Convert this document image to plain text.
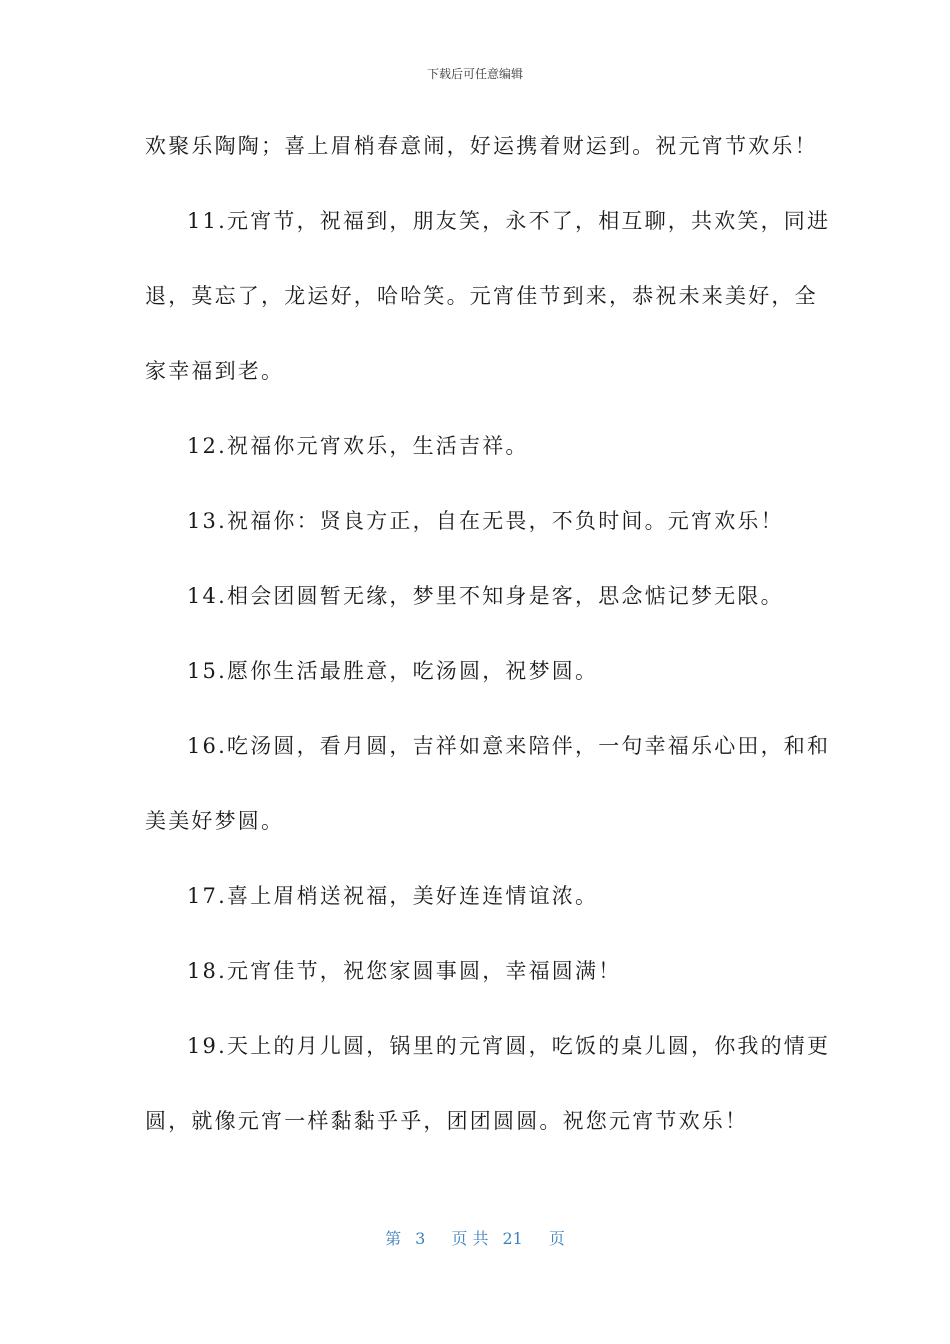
下载后可任意编辑
欢聚乐陶陶；喜上眉梢春意闹，好运携着财运到。祝元宵节欢乐！
11.元宵节，祝福到，朋友笑，永不了，相互聊，共欢笑，同进
退，莫忘了，龙运好，哈哈笑。元宵佳节到来，恭祝未来美好，全
家幸福到老。
12.祝福你元宵欢乐，生活吉祥。
13.祝福你：贤良方正，自在无畏，不负时间。元宵欢乐！
14.相会团圆暂无缘，梦里不知身是客，思念惦记梦无限。
15.愿你生活最胜意，吃汤圆，祝梦圆。
16.吃汤圆，看月圆，吉祥如意来陪伴，一句幸福乐心田，和和
美美好梦圆。
17.喜上眉梢送祝福，美好连连情谊浓。
18.元宵佳节，祝您家圆事圆，幸福圆满！
19.天上的月儿圆，锅里的元宵圆，吃饭的桌儿圆，你我的情更
圆，就像元宵一样黏黏乎乎，团团圆圆。祝您元宵节欢乐！
第 3 页 共 21 页
